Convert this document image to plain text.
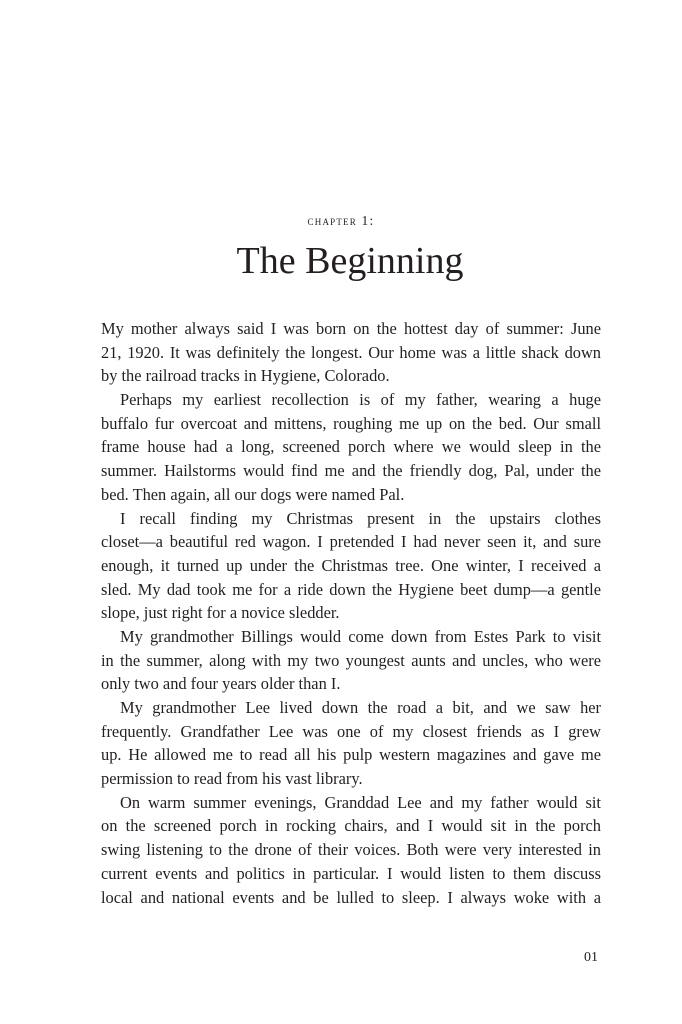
chapter 1:
The Beginning

My mother always said I was born on the hottest day of summer: June
21, 1920. It was definitely the longest. Our home was a little shack down
by the railroad tracks in Hygiene, Colorado.

Perhaps my earliest recollection is of my father, wearing a huge
buffalo fur overcoat and mittens, roughing me up on the bed. Our small
frame house had a long, screened porch where we would sleep in the
summer. Hailstorms would find me and the friendly dog, Pal, under the
bed. Then again, all our dogs were named Pal.

I recall finding my Christmas present in the upstairs clothes
closet—a beautiful red wagon. I pretended I had never seen it, and sure
enough, it turned up under the Christmas tree. One winter, I received a
sled. My dad took me for a ride down the Hygiene beet dump—a gentle
slope, just right for a novice sledder.

My grandmother Billings would come down from Estes Park to visit
in the summer, along with my two youngest aunts and uncles, who were
only two and four years older than I.

My grandmother Lee lived down the road a bit, and we saw her
frequently. Grandfather Lee was one of my closest friends as I grew
up. He allowed me to read all his pulp western magazines and gave me
permission to read from his vast library.

On warm summer evenings, Granddad Lee and my father would sit
on the screened porch in rocking chairs, and I would sit in the porch
swing listening to the drone of their voices. Both were very interested in
current events and politics in particular. I would listen to them discuss
local and national events and be lulled to sleep. I always woke with a

01
